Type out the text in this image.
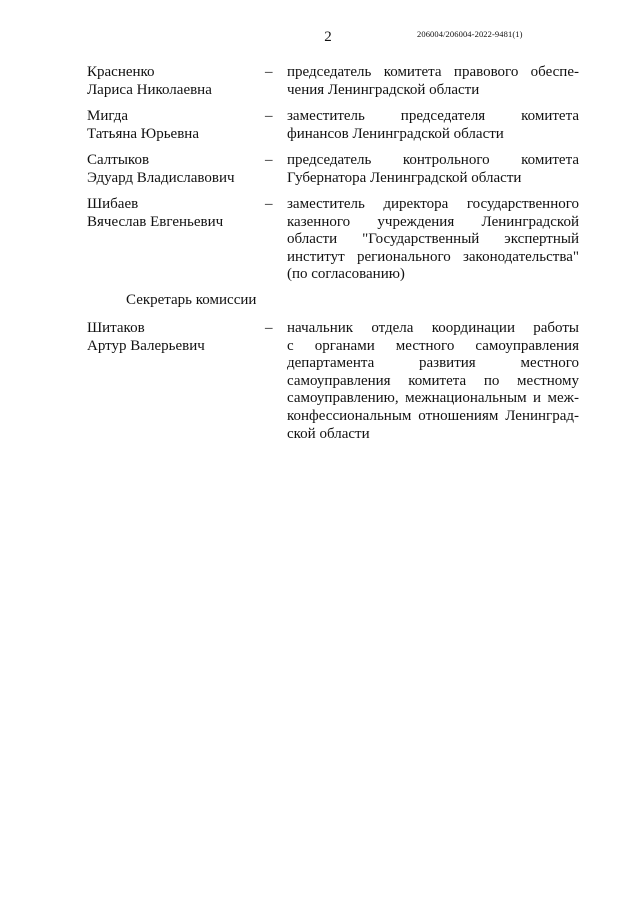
2	206004/206004-2022-9481(1)
Красненко
Лариса Николаевна
– председатель комитета правового обеспе-
чения Ленинградской области
Мигда
Татьяна Юрьевна
– заместитель председателя комитета
финансов Ленинградской области
Салтыков
Эдуард Владиславович
– председатель контрольного комитета
Губернатора Ленинградской области
Шибаев
Вячеслав Евгеньевич
– заместитель директора государственного
казенного учреждения Ленинградской
области "Государственный экспертный
институт регионального законодательства"
(по согласованию)
Секретарь комиссии
Шитаков
Артур Валерьевич
– начальник отдела координации работы
с органами местного самоуправления
департамента развития местного
самоуправления комитета по местному
самоуправлению, межнациональным и меж-
конфессиональным отношениям Ленинград-
ской области
